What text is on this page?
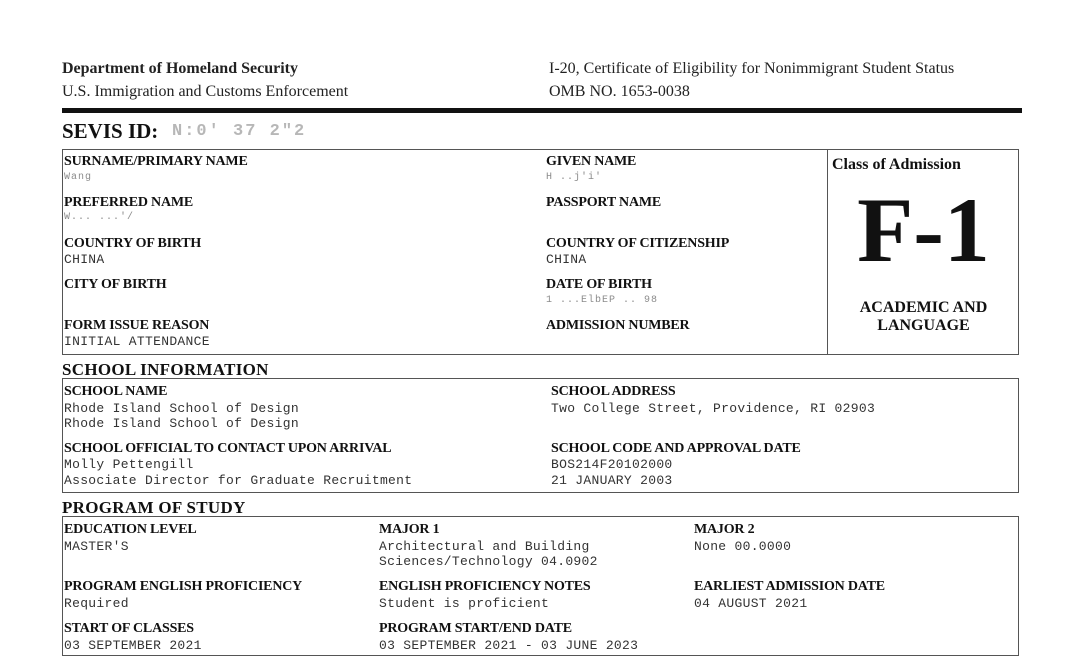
Department of Homeland Security
U.S. Immigration and Customs Enforcement
I-20, Certificate of Eligibility for Nonimmigrant Student Status
OMB NO. 1653-0038
SEVIS ID: N:0' 37 2"2
SURNAME/PRIMARY NAME
Wang
GIVEN NAME
H ..j'i'
PREFERRED NAME
W... ...'/
PASSPORT NAME
COUNTRY OF BIRTH
CHINA
COUNTRY OF CITIZENSHIP
CHINA
CITY OF BIRTH	DATE OF BIRTH
1 ...ElbEP .. 98
FORM ISSUE REASON
INITIAL ATTENDANCE
ADMISSION NUMBER
Class of Admission
F-1
ACADEMIC AND
LANGUAGE
SCHOOL INFORMATION
SCHOOL NAME
Rhode Island School of Design
Rhode Island School of Design
SCHOOL ADDRESS
Two College Street, Providence, RI 02903
SCHOOL OFFICIAL TO CONTACT UPON ARRIVAL
Molly Pettengill
Associate Director for Graduate Recruitment
SCHOOL CODE AND APPROVAL DATE
BOS214F20102000
21 JANUARY 2003
PROGRAM OF STUDY
EDUCATION LEVEL
MASTER'S
MAJOR 1
Architectural and Building
Sciences/Technology 04.0902
MAJOR 2
None 00.0000
PROGRAM ENGLISH PROFICIENCY
Required
ENGLISH PROFICIENCY NOTES
Student is proficient
EARLIEST ADMISSION DATE
04 AUGUST 2021
START OF CLASSES
03 SEPTEMBER 2021
PROGRAM START/END DATE
03 SEPTEMBER 2021 - 03 JUNE 2023
